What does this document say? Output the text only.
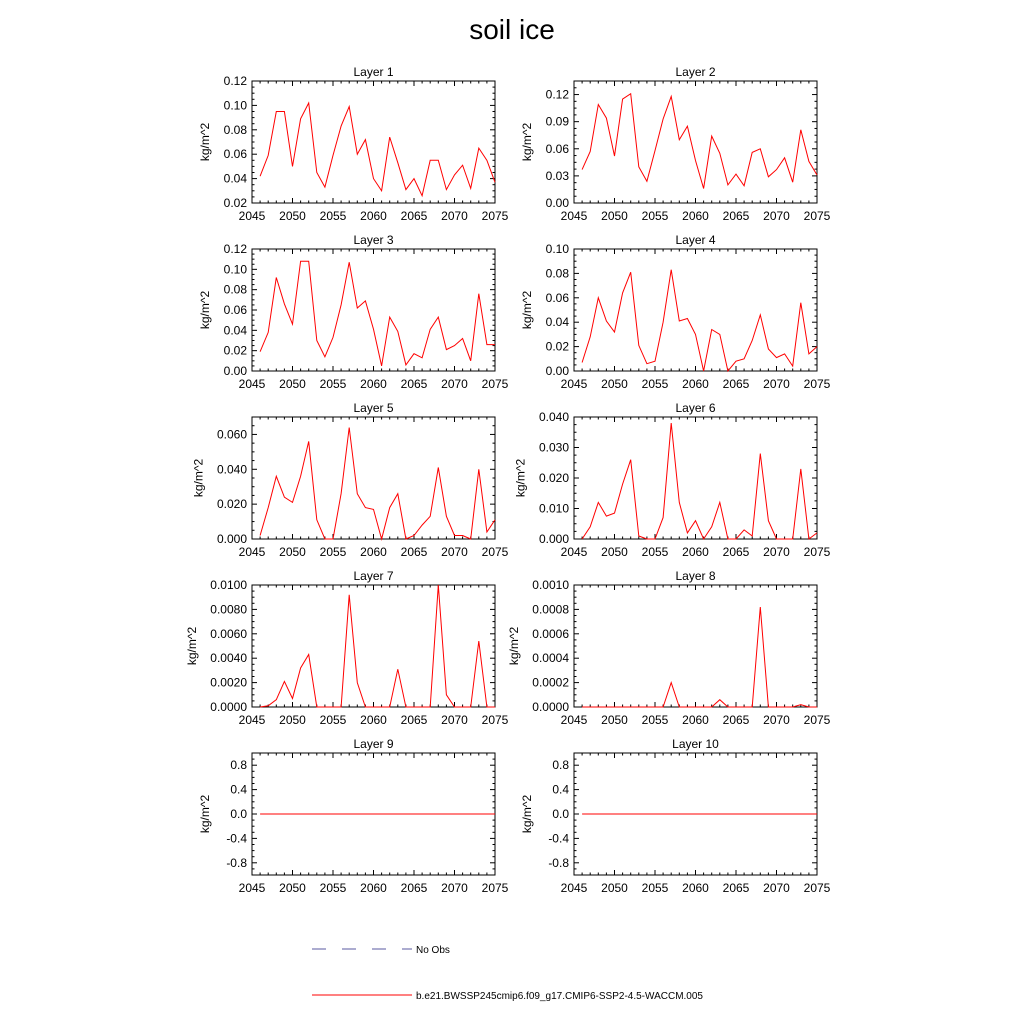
soil ice
Layer 1
2045 2050 2055 2060 2065 2070 2075
0.02
0.04
0.06
0.08
0.10
0.12
kg/m^2
Layer 2
2045 2050 2055 2060 2065 2070 2075
0.00
0.03
0.06
0.09
0.12
kg/m^2
Layer 3
2045 2050 2055 2060 2065 2070 2075
0.00
0.02
0.04
0.06
0.08
0.10
0.12
kg/m^2
Layer 4
2045 2050 2055 2060 2065 2070 2075
0.00
0.02
0.04
0.06
0.08
0.10
kg/m^2
Layer 5
2045 2050 2055 2060 2065 2070 2075
0.000
0.020
0.040
0.060
kg/m^2
Layer 6
2045 2050 2055 2060 2065 2070 2075
0.000
0.010
0.020
0.030
0.040
kg/m^2
Layer 7
2045 2050 2055 2060 2065 2070 2075
0.0000
0.0020
0.0040
0.0060
0.0080
0.0100
kg/m^2
Layer 8
2045 2050 2055 2060 2065 2070 2075
0.0000
0.0002
0.0004
0.0006
0.0008
0.0010
kg/m^2
Layer 9
2045 2050 2055 2060 2065 2070 2075
-0.8
-0.4
0.0
0.4
0.8
kg/m^2
Layer 10
2045 2050 2055 2060 2065 2070 2075
-0.8
-0.4
0.0
0.4
0.8
kg/m^2
No Obs
b.e21.BWSSP245cmip6.f09_g17.CMIP6-SSP2-4.5-WACCM.005
